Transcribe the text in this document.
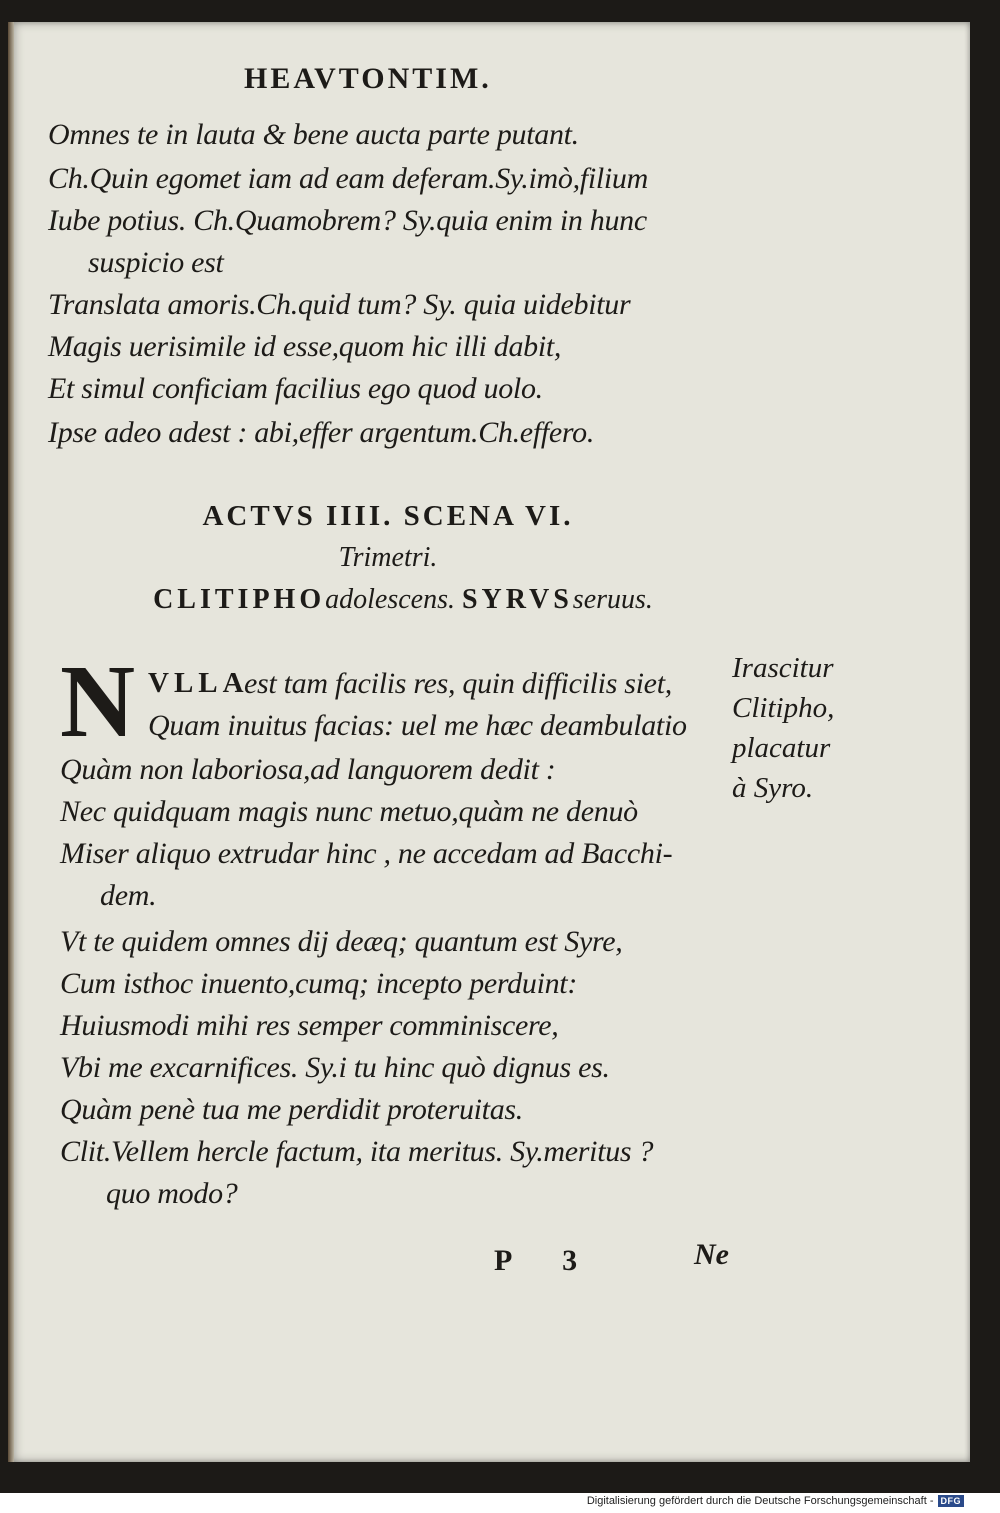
HEAVTONTIM.
Omnes te in lauta & bene aucta parte putant.
Ch.Quin egomet iam ad eam deferam.Sy.imò,filium
Iube potius. Ch.Quamobrem? Sy.quia enim in hunc
suspicio est
Translata amoris.Ch.quid tum? Sy. quia uidebitur
Magis uerisimile id esse,quom hic illi dabit,
Et simul conficiam facilius ego quod uolo.
Ipse adeo adest : abi,effer argentum.Ch.effero.
ACTVS IIII. SCENA VI.
Trimetri.
CLITIPHOadolescens. SYRVSseruus.
N VLLA
est tam facilis res, quin difficilis siet,
Quam inuitus facias: uel me hæc deambulatio
Quàm non laboriosa,ad languorem dedit :
Nec quidquam magis nunc metuo,quàm ne denuò
Miser aliquo extrudar hinc , ne accedam ad Bacchi-
dem.
Vt te quidem omnes dij deæq; quantum est Syre,
Cum isthoc inuento,cumq; incepto perduint:
Huiusmodi mihi res semper comminiscere,
Vbi me excarnifices. Sy.i tu hinc quò dignus es.
Quàm penè tua me perdidit proteruitas.
Clit.Vellem hercle factum, ita meritus. Sy.meritus ?
quo modo?
Irascitur
Clitipho,
placatur
à Syro.
P 3	Ne
Digitalisierung gefördert durch die Deutsche Forschungsgemeinschaft - DFG
